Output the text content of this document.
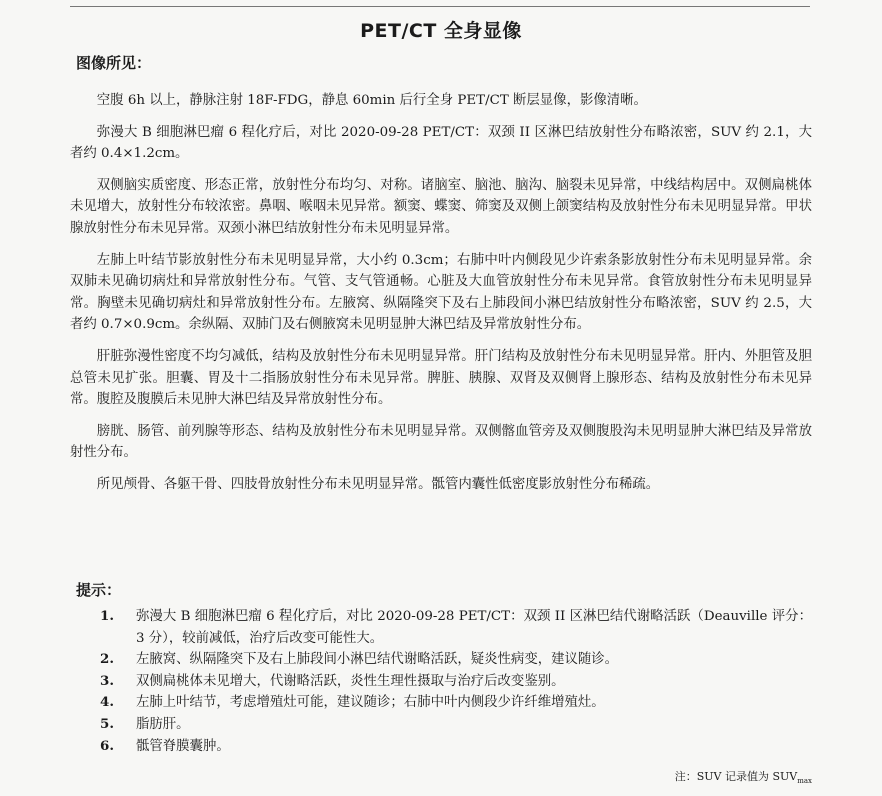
PET/CT 全身显像
图像所见：

空腹 6h 以上，静脉注射 18F-FDG，静息 60min 后行全身 PET/CT 断层显像，影像清晰。

弥漫大 B 细胞淋巴瘤 6 程化疗后，对比 2020-09-28 PET/CT：双颈 II 区淋巴结放射性分布略浓密，SUV 约 2.1，大者约 0.4×1.2cm。

双侧脑实质密度、形态正常，放射性分布均匀、对称。诸脑室、脑池、脑沟、脑裂未见异常，中线结构居中。双侧扁桃体未见增大，放射性分布较浓密。鼻咽、喉咽未见异常。额窦、蝶窦、筛窦及双侧上颌窦结构及放射性分布未见明显异常。甲状腺放射性分布未见异常。双颈小淋巴结放射性分布未见明显异常。

左肺上叶结节影放射性分布未见明显异常，大小约 0.3cm；右肺中叶内侧段见少许索条影放射性分布未见明显异常。余双肺未见确切病灶和异常放射性分布。气管、支气管通畅。心脏及大血管放射性分布未见异常。食管放射性分布未见明显异常。胸壁未见确切病灶和异常放射性分布。左腋窝、纵隔隆突下及右上肺段间小淋巴结放射性分布略浓密，SUV 约 2.5，大者约 0.7×0.9cm。余纵隔、双肺门及右侧腋窝未见明显肿大淋巴结及异常放射性分布。

肝脏弥漫性密度不均匀减低，结构及放射性分布未见明显异常。肝门结构及放射性分布未见明显异常。肝内、外胆管及胆总管未见扩张。胆囊、胃及十二指肠放射性分布未见异常。脾脏、胰腺、双肾及双侧肾上腺形态、结构及放射性分布未见异常。腹腔及腹膜后未见肿大淋巴结及异常放射性分布。

膀胱、肠管、前列腺等形态、结构及放射性分布未见明显异常。双侧髂血管旁及双侧腹股沟未见明显肿大淋巴结及异常放射性分布。

所见颅骨、各躯干骨、四肢骨放射性分布未见明显异常。骶管内囊性低密度影放射性分布稀疏。

提示：
1.	弥漫大 B 细胞淋巴瘤 6 程化疗后，对比 2020-09-28 PET/CT：双颈 II 区淋巴结代谢略活跃（Deauville 评分：3 分），较前减低，治疗后改变可能性大。
2.	左腋窝、纵隔隆突下及右上肺段间小淋巴结代谢略活跃，疑炎性病变，建议随诊。
3.	双侧扁桃体未见增大，代谢略活跃，炎性生理性摄取与治疗后改变鉴别。
4.	左肺上叶结节，考虑增殖灶可能，建议随诊；右肺中叶内侧段少许纤维增殖灶。
5.	脂肪肝。
6.	骶管脊膜囊肿。
注：SUV 记录值为 $SUV_{max}$
